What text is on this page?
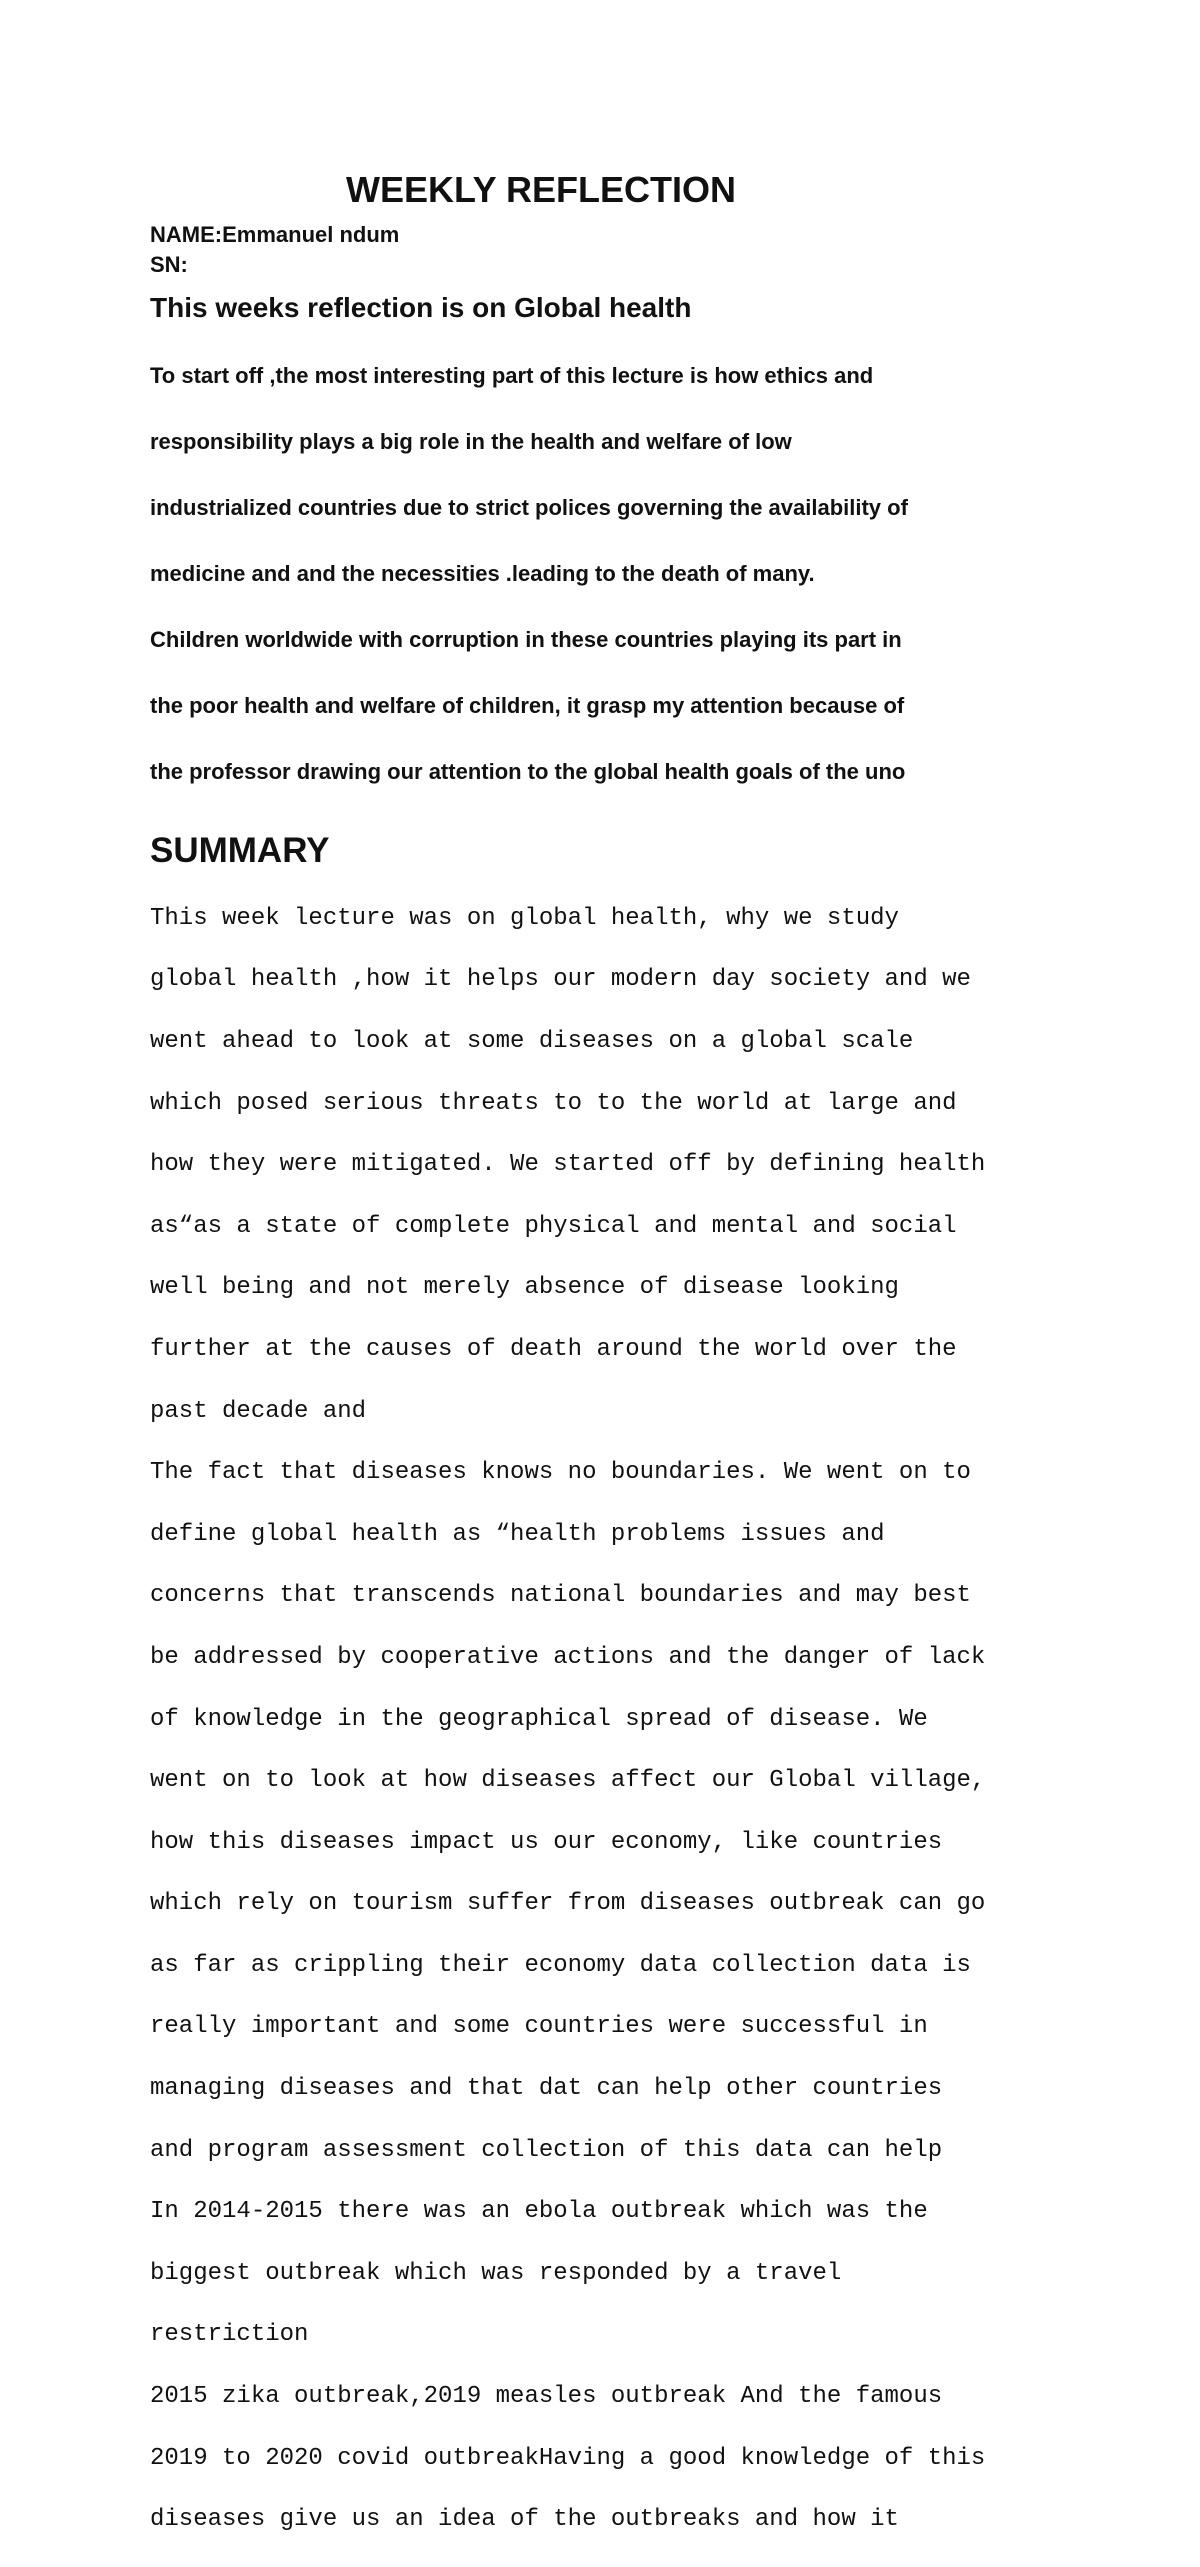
WEEKLY REFLECTION

NAME:Emmanuel ndum

SN:

This weeks reflection is on Global health

To start off ,the most interesting part of this lecture is how ethics and

responsibility plays a big role in the health and welfare of low

industrialized countries due to strict polices governing the availability of

medicine and and the necessities .leading to the death of many.

Children worldwide with corruption in these countries playing its part in

the poor health and welfare of children, it grasp my attention because of

the professor drawing our attention to the global health goals of the uno

SUMMARY

This week lecture was on global health, why we study

global health ,how it helps our modern day society and we

went ahead to look at some diseases on a global scale

which posed serious threats to to the world at large and

how they were mitigated. We started off by defining health

as“as a state of complete physical and mental and social

well being and not merely absence of disease looking

further at the causes of death around the world over the

past decade and

The fact that diseases knows no boundaries. We went on to

define global health as “health problems issues and

concerns that transcends national boundaries and may best

be addressed by cooperative actions and the danger of lack

of knowledge in the geographical spread of disease. We

went on to look at how diseases affect our Global village,

how this diseases impact us our economy, like countries

which rely on tourism suffer from diseases outbreak can go

as far as crippling their economy data collection data is

really important and some countries were successful in

managing diseases and that dat can help other countries

and program assessment collection of this data can help

In 2014-2015 there was an ebola outbreak which was the

biggest outbreak which was responded by a travel

restriction

2015 zika outbreak,2019 measles outbreak And the famous

2019 to 2020 covid outbreakHaving a good knowledge of this

diseases give us an idea of the outbreaks and how it
